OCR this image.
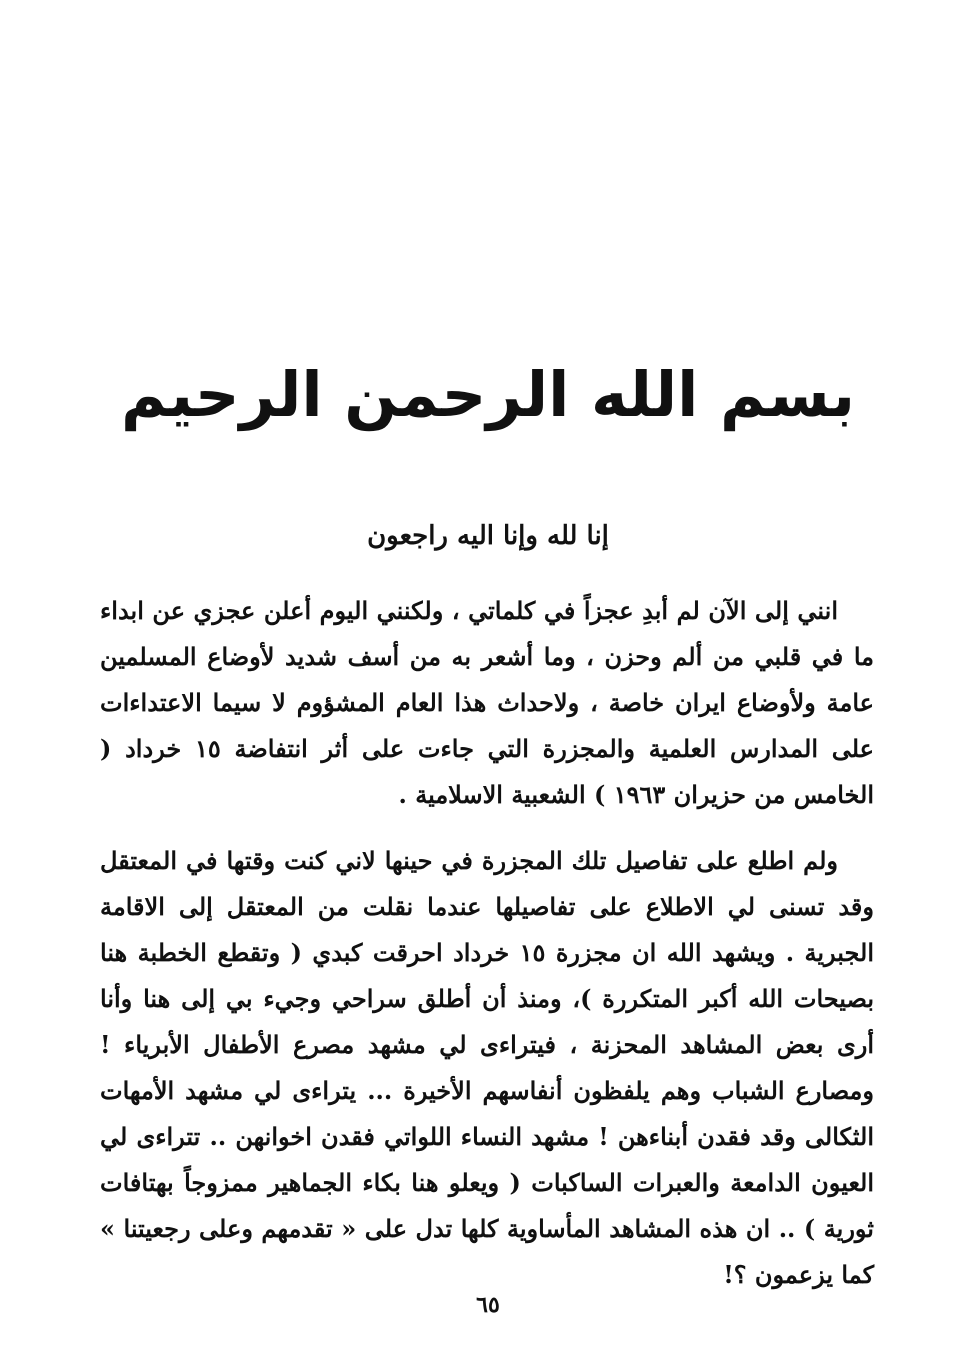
بسم الله الرحمن الرحيم
إنا لله وإنا اليه راجعون

انني إلى الآن لم أبدِ عجزاً في كلماتي ، ولكنني اليوم أعلن عجزي عن ابداء ما في قلبي من ألم وحزن ، وما أشعر به من أسف شديد لأوضاع المسلمين عامة ولأوضاع ايران خاصة ، ولاحداث هذا العام المشؤوم لا سيما الاعتداءات على المدارس العلمية والمجزرة التي جاءت على أثر انتفاضة ١٥ خرداد ( الخامس من حزيران ١٩٦٣ ) الشعبية الاسلامية .

ولم اطلع على تفاصيل تلك المجزرة في حينها لاني كنت وقتها في المعتقل وقد تسنى لي الاطلاع على تفاصيلها عندما نقلت من المعتقل إلى الاقامة الجبرية . ويشهد الله ان مجزرة ١٥ خرداد احرقت كبدي ( وتقطع الخطبة هنا بصيحات الله أكبر المتكررة )، ومنذ أن أطلق سراحي وجيء بي إلى هنا وأنا أرى بعض المشاهد المحزنة ، فيتراءى لي مشهد مصرع الأطفال الأبرياء ! ومصارع الشباب وهم يلفظون أنفاسهم الأخيرة ... يتراءى لي مشهد الأمهات الثكالى وقد فقدن أبناءهن ! مشهد النساء اللواتي فقدن اخوانهن .. تتراءى لي العيون الدامعة والعبرات الساكبات ( ويعلو هنا بكاء الجماهير ممزوجاً بهتافات ثورية ) .. ان هذه المشاهد المأساوية كلها تدل على « تقدمهم وعلى رجعيتنا » كما يزعمون ؟!

٦٥
